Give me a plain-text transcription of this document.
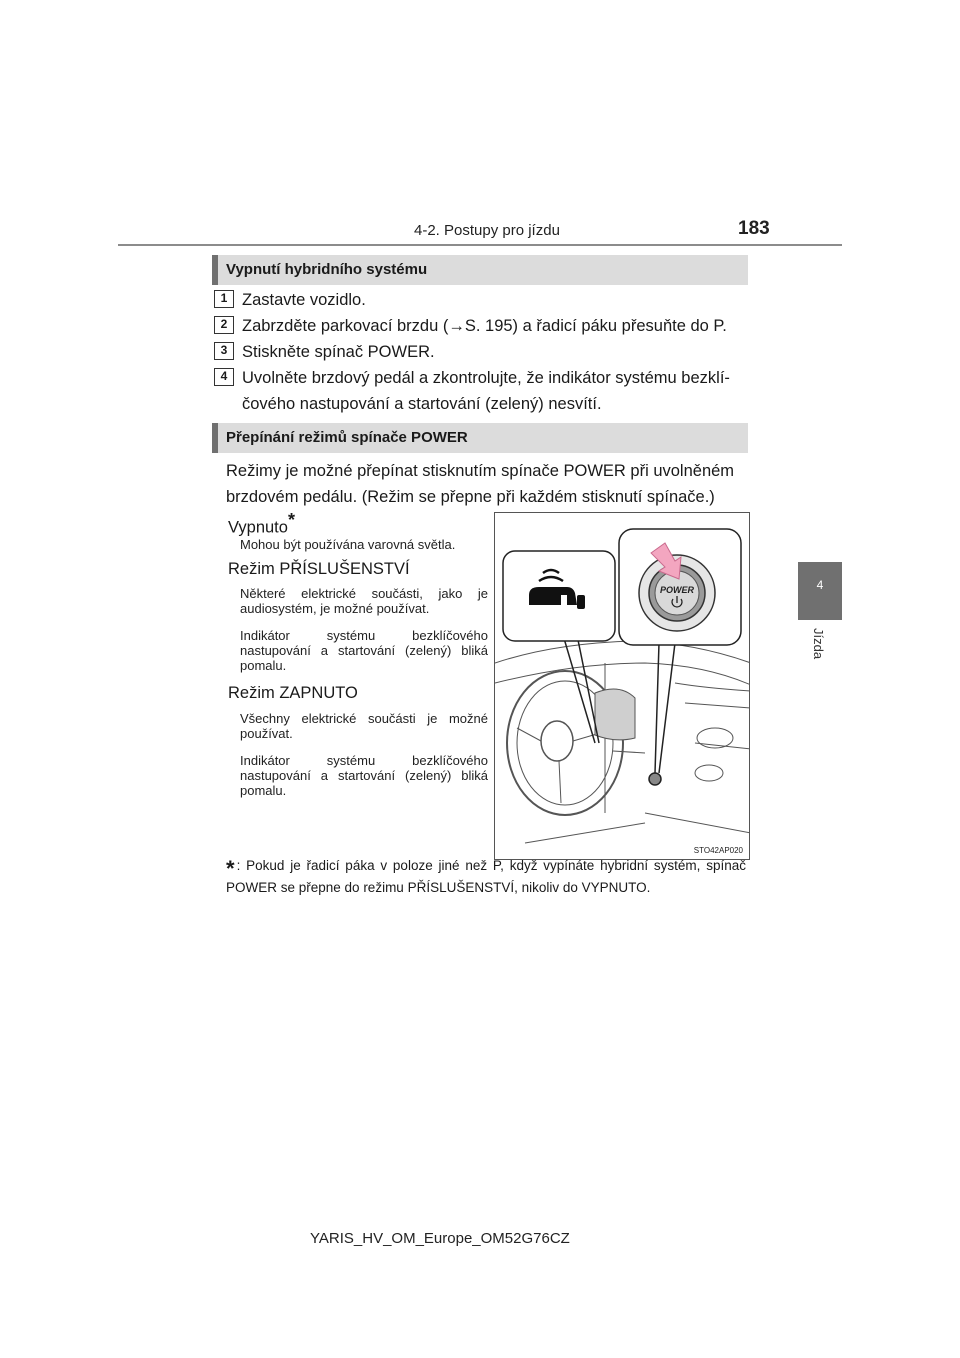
4-2. Postupy pro jízdu	183
4
Jízda
Vypnutí hybridního systému
1 Zastavte vozidlo.
2 Zabrzděte parkovací brzdu (→S. 195) a řadicí páku přesuňte do P.
3 Stiskněte spínač POWER.
4 Uvolněte brzdový pedál a zkontrolujte, že indikátor systému bezklí-
čového nastupování a startování (zelený) nesvítí.
Přepínání režimů spínače POWER
Režimy je možné přepínat stisknutím spínače POWER při uvolněném
brzdovém pedálu. (Režim se přepne při každém stisknutí spínače.)
Vypnuto*
Mohou být používána varovná světla.
Režim PŘÍSLUŠENSTVÍ
Některé elektrické součásti, jako je audiosystém, je možné používat.
Indikátor systému bezklíčového nastupování a startování (zelený) bliká pomalu.
Režim ZAPNUTO
Všechny elektrické součásti je možné používat.
Indikátor systému bezklíčového nastupování a startování (zelený) bliká pomalu.
POWER
STO42AP020
* : Pokud je řadicí páka v poloze jiné než P, když vypínáte hybridní systém, spínač POWER se přepne do režimu PŘÍSLUŠENSTVÍ, nikoliv do VYPNUTO.
YARIS_HV_OM_Europe_OM52G76CZ
